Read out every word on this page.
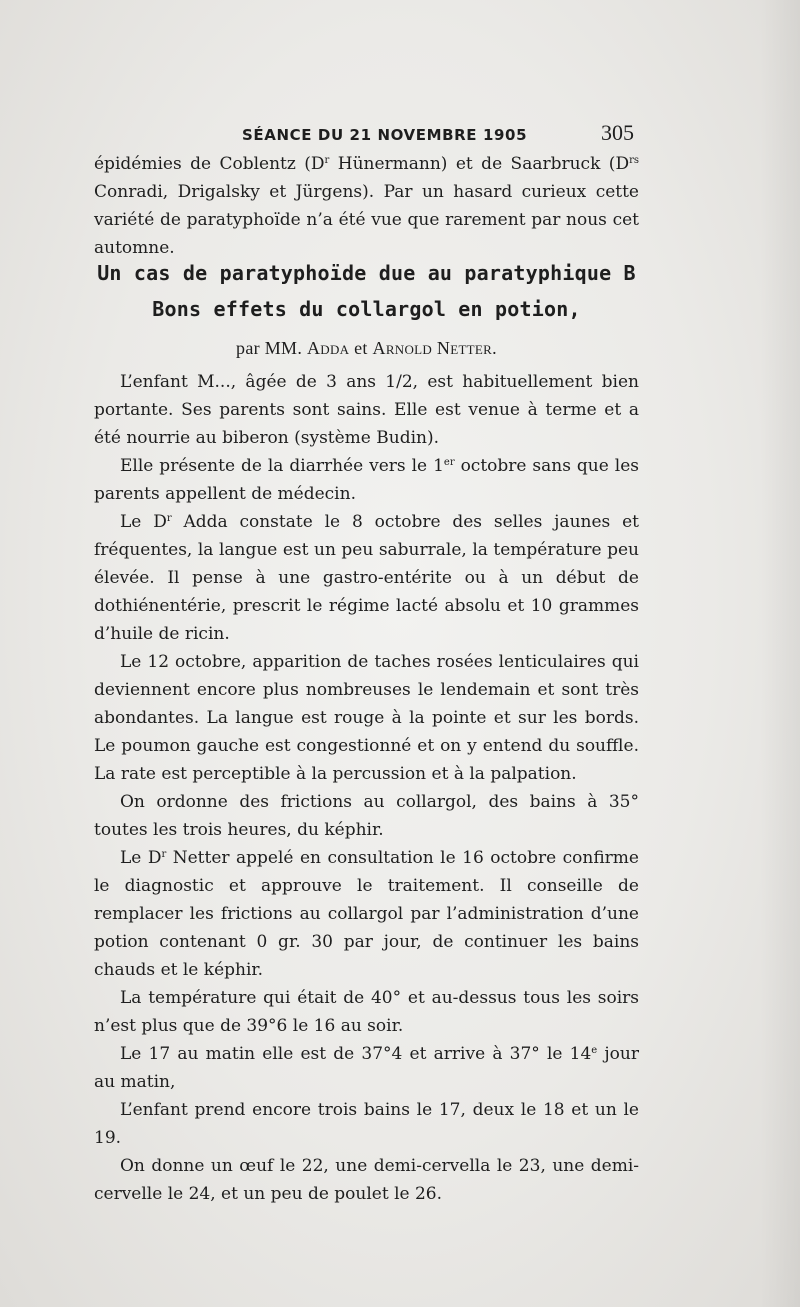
SÉANCE DU 21 NOVEMBRE 1905	305

épidémies de Coblentz ($D^r$ Hünermann) et de Saarbruck ($D^{rs}$ Conradi, Drigalsky et Jürgens). Par un hasard curieux cette variété de paratyphoïde n’a été vue que rarement par nous cet automne.

Un cas de paratyphoïde due au paratyphique B
Bons effets du collargol en potion,
par MM. Adda et Arnold Netter.

L’enfant M..., âgée de 3 ans 1/2, est habituellement bien portante. Ses parents sont sains. Elle est venue à terme et a été nourrie au biberon (système Budin).

Elle présente de la diarrhée vers le 1er octobre sans que les parents appellent de médecin.

Le $D^r$ Adda constate le 8 octobre des selles jaunes et fréquentes, la langue est un peu saburrale, la température peu élevée. Il pense à une gastro-entérite ou à un début de dothiénentérie, prescrit le régime lacté absolu et 10 grammes d’huile de ricin.

Le 12 octobre, apparition de taches rosées lenticulaires qui deviennent encore plus nombreuses le lendemain et sont très abondantes. La langue est rouge à la pointe et sur les bords. Le poumon gauche est congestionné et on y entend du souffle. La rate est perceptible à la percussion et à la palpation.

On ordonne des frictions au collargol, des bains à 35° toutes les trois heures, du képhir.

Le $D^r$ Netter appelé en consultation le 16 octobre confirme le diagnostic et approuve le traitement. Il conseille de remplacer les frictions au collargol par l’administration d’une potion contenant 0 gr. 30 par jour, de continuer les bains chauds et le képhir.

La température qui était de 40° et au-dessus tous les soirs n’est plus que de 39°6 le 16 au soir.

Le 17 au matin elle est de 37°4 et arrive à 37° le 14e jour au matin,

L’enfant prend encore trois bains le 17, deux le 18 et un le 19.

On donne un œuf le 22, une demi-cervella le 23, une demi-cervelle le 24, et un peu de poulet le 26.
